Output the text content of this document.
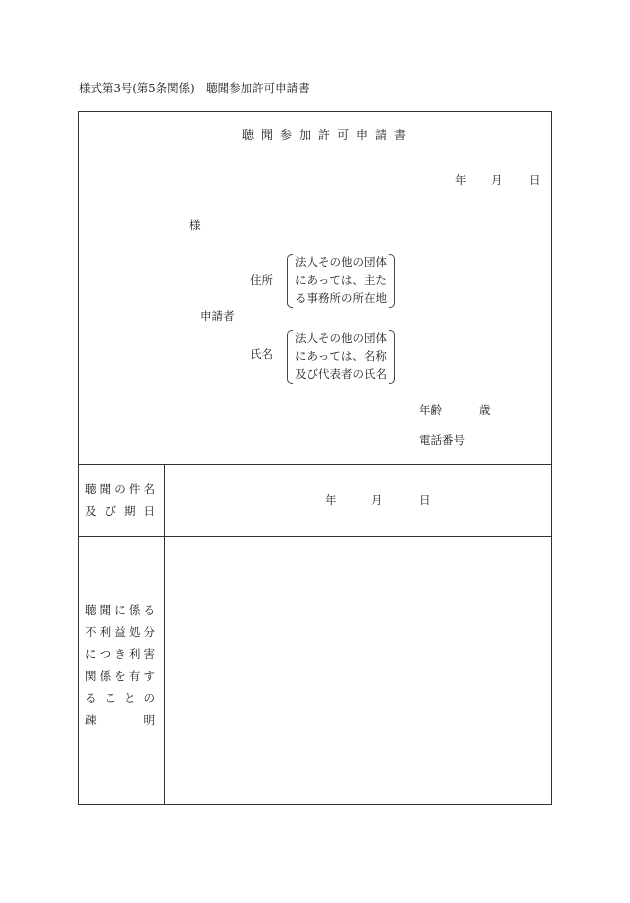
様式第3号(第5条関係)　聴聞参加許可申請書
聴聞参加許可申請書
年 月 日
様
住所
法人その他の団体
にあっては、主た
る事務所の所在地
申請者
氏名
法人その他の団体
にあっては、名称
及び代表者の氏名
年齢	歳
電話番号
聴 聞 の 件 名
及 び 期 日
年	月	日
聴 聞 に 係 る
不 利 益 処 分
に つ き 利 害
関 係 を 有 す
る こ と の
疎	明
